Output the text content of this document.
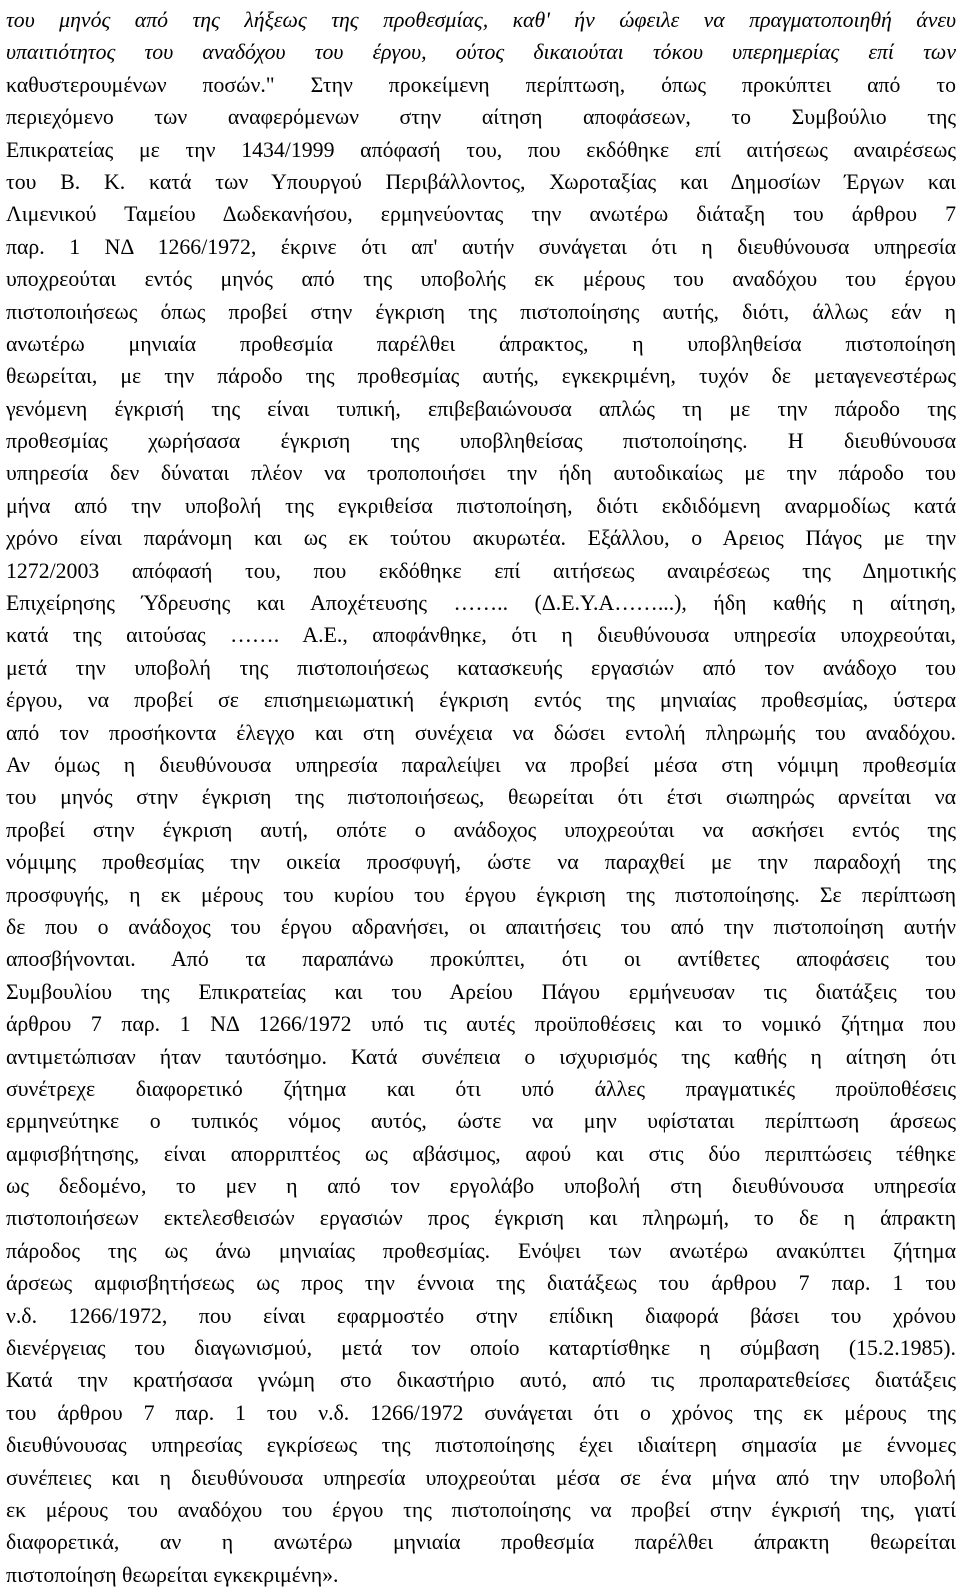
του μηνός από της λήξεως της προθεσμίας, καθ' ήν ώφειλε να πραγματοποιηθή άνευ
υπαιτιότητος του αναδόχου του έργου, ούτος δικαιούται τόκου υπερημερίας επί των
καθυστερουμένων ποσών." Στην προκείμενη περίπτωση, όπως προκύπτει από το
περιεχόμενο των αναφερόμενων στην αίτηση αποφάσεων, το Συμβούλιο της
Επικρατείας με την 1434/1999 απόφασή του, που εκδόθηκε επί αιτήσεως αναιρέσεως
του Β. Κ. κατά των Υπουργού Περιβάλλοντος, Χωροταξίας και Δημοσίων Έργων και
Λιμενικού Ταμείου Δωδεκανήσου, ερμηνεύοντας την ανωτέρω διάταξη του άρθρου 7
παρ. 1 ΝΔ 1266/1972, έκρινε ότι απ' αυτήν συνάγεται ότι η διευθύνουσα υπηρεσία
υποχρεούται εντός μηνός από της υποβολής εκ μέρους του αναδόχου του έργου
πιστοποιήσεως όπως προβεί στην έγκριση της πιστοποίησης αυτής, διότι, άλλως εάν η
ανωτέρω μηνιαία προθεσμία παρέλθει άπρακτος, η υποβληθείσα πιστοποίηση
θεωρείται, με την πάροδο της προθεσμίας αυτής, εγκεκριμένη, τυχόν δε μεταγενεστέρως
γενόμενη έγκρισή της είναι τυπική, επιβεβαιώνουσα απλώς τη με την πάροδο της
προθεσμίας χωρήσασα έγκριση της υποβληθείσας πιστοποίησης. Η διευθύνουσα
υπηρεσία δεν δύναται πλέον να τροποποιήσει την ήδη αυτοδικαίως με την πάροδο του
μήνα από την υποβολή της εγκριθείσα πιστοποίηση, διότι εκδιδόμενη αναρμοδίως κατά
χρόνο είναι παράνομη και ως εκ τούτου ακυρωτέα. Εξάλλου, ο Αρειος Πάγος με την
1272/2003 απόφασή του, που εκδόθηκε επί αιτήσεως αναιρέσεως της Δημοτικής
Επιχείρησης Ύδρευσης και Αποχέτευσης …….. (Δ.Ε.Υ.Α……...), ήδη καθής η αίτηση,
κατά της αιτούσας ……. Α.Ε., αποφάνθηκε, ότι η διευθύνουσα υπηρεσία υποχρεούται,
μετά την υποβολή της πιστοποιήσεως κατασκευής εργασιών από τον ανάδοχο του
έργου, να προβεί σε επισημειωματική έγκριση εντός της μηνιαίας προθεσμίας, ύστερα
από τον προσήκοντα έλεγχο και στη συνέχεια να δώσει εντολή πληρωμής του αναδόχου.
Αν όμως η διευθύνουσα υπηρεσία παραλείψει να προβεί μέσα στη νόμιμη προθεσμία
του μηνός στην έγκριση της πιστοποιήσεως, θεωρείται ότι έτσι σιωπηρώς αρνείται να
προβεί στην έγκριση αυτή, οπότε ο ανάδοχος υποχρεούται να ασκήσει εντός της
νόμιμης προθεσμίας την οικεία προσφυγή, ώστε να παραχθεί με την παραδοχή της
προσφυγής, η εκ μέρους του κυρίου του έργου έγκριση της πιστοποίησης. Σε περίπτωση
δε που ο ανάδοχος του έργου αδρανήσει, οι απαιτήσεις του από την πιστοποίηση αυτήν
αποσβήνονται. Από τα παραπάνω προκύπτει, ότι οι αντίθετες αποφάσεις του
Συμβουλίου της Επικρατείας και του Αρείου Πάγου ερμήνευσαν τις διατάξεις του
άρθρου 7 παρ. 1 ΝΔ 1266/1972 υπό τις αυτές προϋποθέσεις και το νομικό ζήτημα που
αντιμετώπισαν ήταν ταυτόσημο. Κατά συνέπεια ο ισχυρισμός της καθής η αίτηση ότι
συνέτρεχε διαφορετικό ζήτημα και ότι υπό άλλες πραγματικές προϋποθέσεις
ερμηνεύτηκε ο τυπικός νόμος αυτός, ώστε να μην υφίσταται περίπτωση άρσεως
αμφισβήτησης, είναι απορριπτέος ως αβάσιμος, αφού και στις δύο περιπτώσεις τέθηκε
ως δεδομένο, το μεν η από τον εργολάβο υποβολή στη διευθύνουσα υπηρεσία
πιστοποιήσεων εκτελεσθεισών εργασιών προς έγκριση και πληρωμή, το δε η άπρακτη
πάροδος της ως άνω μηνιαίας προθεσμίας. Ενόψει των ανωτέρω ανακύπτει ζήτημα
άρσεως αμφισβητήσεως ως προς την έννοια της διατάξεως του άρθρου 7 παρ. 1 του
ν.δ. 1266/1972, που είναι εφαρμοστέο στην επίδικη διαφορά βάσει του χρόνου
διενέργειας του διαγωνισμού, μετά τον οποίο καταρτίσθηκε η σύμβαση (15.2.1985).
Κατά την κρατήσασα γνώμη στο δικαστήριο αυτό, από τις προπαρατεθείσες διατάξεις
του άρθρου 7 παρ. 1 του ν.δ. 1266/1972 συνάγεται ότι ο χρόνος της εκ μέρους της
διευθύνουσας υπηρεσίας εγκρίσεως της πιστοποίησης έχει ιδιαίτερη σημασία με έννομες
συνέπειες και η διευθύνουσα υπηρεσία υποχρεούται μέσα σε ένα μήνα από την υποβολή
εκ μέρους του αναδόχου του έργου της πιστοποίησης να προβεί στην έγκρισή της, γιατί
διαφορετικά, αν η ανωτέρω μηνιαία προθεσμία παρέλθει άπρακτη θεωρείται
πιστοποίηση θεωρείται εγκεκριμένη».
